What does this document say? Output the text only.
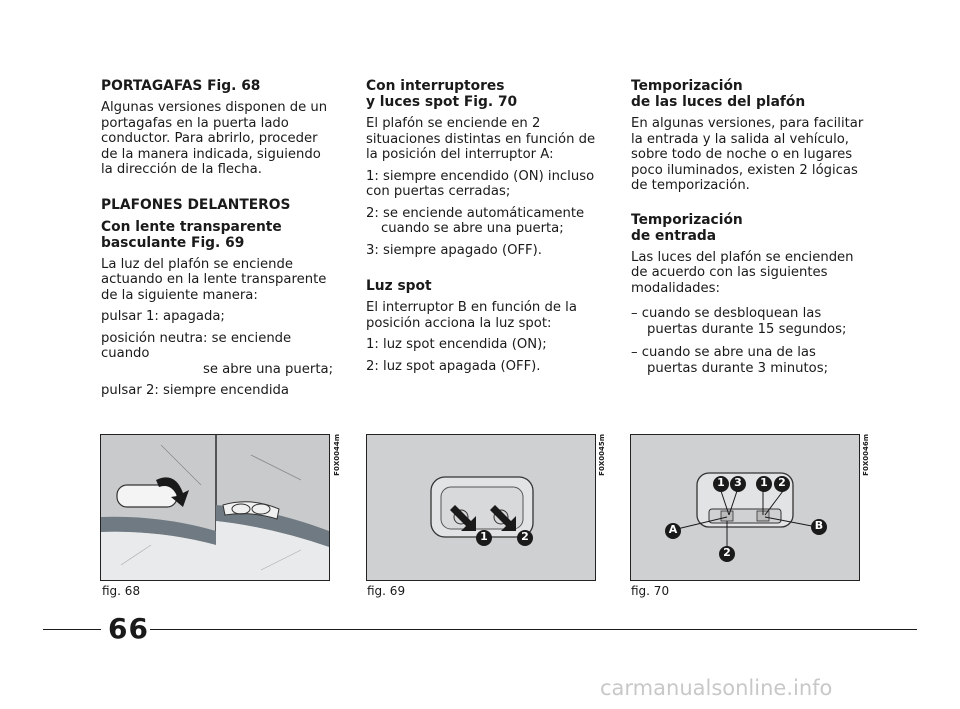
PORTAGAFAS Fig. 68
Algunas versiones disponen de un portagafas en la puerta lado conductor. Para abrirlo, proceder de la manera indicada, siguiendo la dirección de la flecha.
PLAFONES DELANTEROS
Con lente transparente
basculante Fig. 69
La luz del plafón se enciende actuando en la lente transparente de la siguiente manera:
pulsar 1: apagada;
posición neutra: se enciende cuando
se abre una puerta;
pulsar 2: siempre encendida
Con interruptores
y luces spot Fig. 70
El plafón se enciende en 2 situaciones distintas en función de la posición del interruptor A:
1: siempre encendido (ON) incluso con puertas cerradas;
2: se enciende automáticamente cuando se abre una puerta;
3: siempre apagado (OFF).
Luz spot
El interruptor B en función de la posición acciona la luz spot:
1: luz spot encendida (ON);
2: luz spot apagada (OFF).
Temporización
de las luces del plafón
En algunas versiones, para facilitar la entrada y la salida al vehículo, sobre todo de noche o en lugares poco iluminados, existen 2 lógicas de temporización.
Temporización
de entrada
Las luces del plafón se encienden de acuerdo con las siguientes modalidades:
– cuando se desbloquean las puertas durante 15 segundos;
– cuando se abre una de las puertas durante 3 minutos;
F0X0044m
fig. 68
1	2
F0X0045m
fig. 69
1 3 1 2
A	B
2
F0X0046m
fig. 70
66
carmanualsonline.info
